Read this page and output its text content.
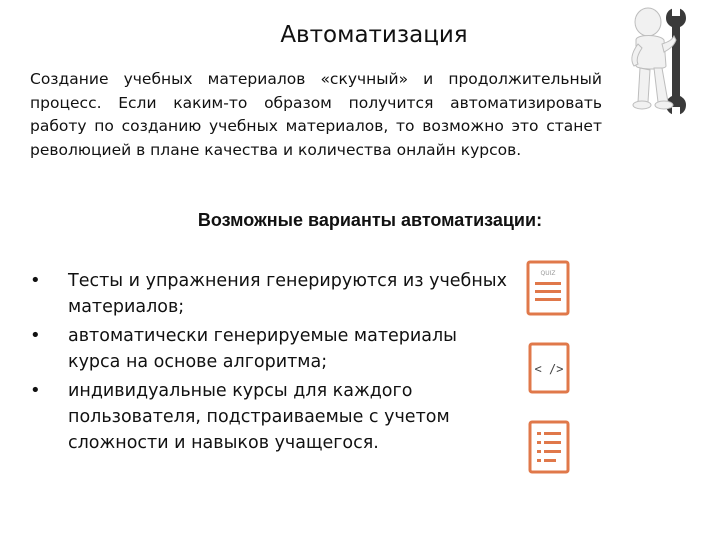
Автоматизация

Создание учебных материалов «скучный» и продолжительный процесс. Если каким-то образом получится автоматизировать работу по созданию учебных материалов, то возможно это станет революцией в плане качества и количества онлайн курсов.

Возможные варианты автоматизации:
• Тесты и упражнения генерируются из учебных материалов;
• автоматически генерируемые материалы курса на основе алгоритма;
• индивидуальные курсы для каждого пользователя, подстраиваемые с учетом сложности и навыков учащегося.
QUIZ
< />
